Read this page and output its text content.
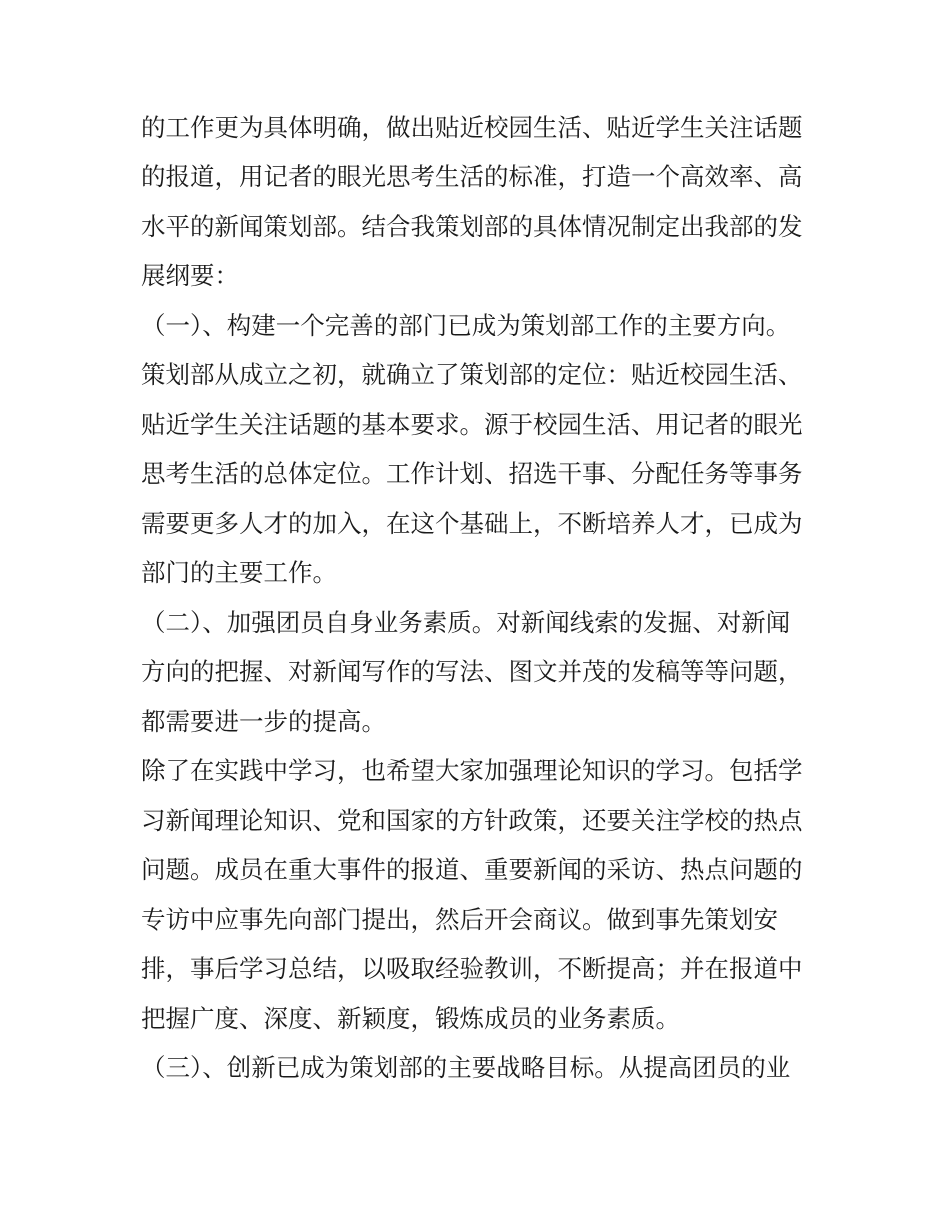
的工作更为具体明确，做出贴近校园生活、贴近学生关注话题
的报道，用记者的眼光思考生活的标准，打造一个高效率、高
水平的新闻策划部。结合我策划部的具体情况制定出我部的发
展纲要：
（一）、构建一个完善的部门已成为策划部工作的主要方向。
策划部从成立之初，就确立了策划部的定位：贴近校园生活、
贴近学生关注话题的基本要求。源于校园生活、用记者的眼光
思考生活的总体定位。工作计划、招选干事、分配任务等事务
需要更多人才的加入，在这个基础上，不断培养人才，已成为
部门的主要工作。
（二）、加强团员自身业务素质。对新闻线索的发掘、对新闻
方向的把握、对新闻写作的写法、图文并茂的发稿等等问题，
都需要进一步的提高。
除了在实践中学习，也希望大家加强理论知识的学习。包括学
习新闻理论知识、党和国家的方针政策，还要关注学校的热点
问题。成员在重大事件的报道、重要新闻的采访、热点问题的
专访中应事先向部门提出，然后开会商议。做到事先策划安
排，事后学习总结，以吸取经验教训，不断提高；并在报道中
把握广度、深度、新颖度，锻炼成员的业务素质。
（三）、创新已成为策划部的主要战略目标。从提高团员的业
